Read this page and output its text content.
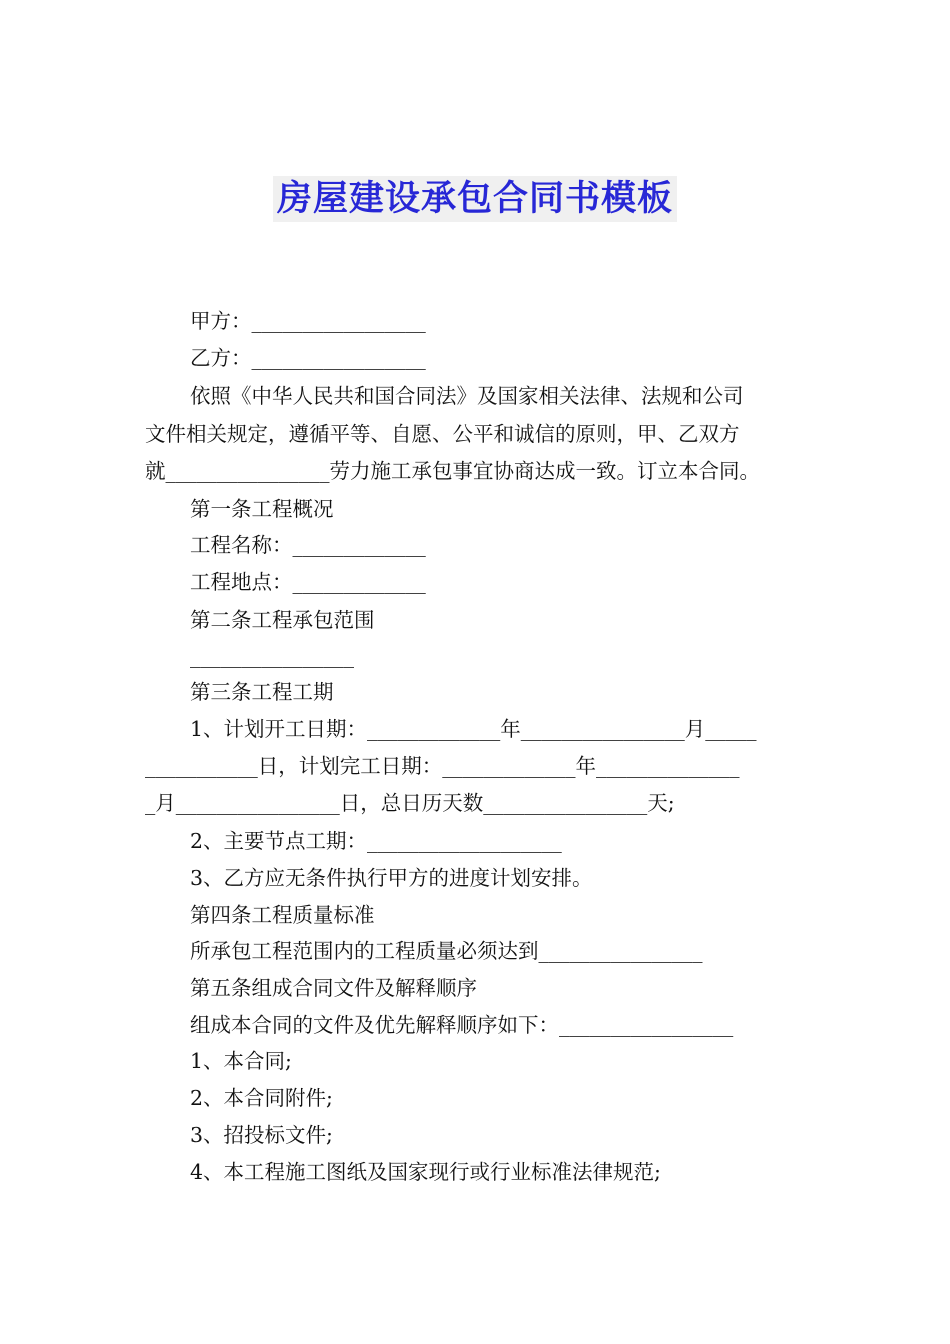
房屋建设承包合同书模板
甲方：_________________
乙方：_________________
依照《中华人民共和国合同法》及国家相关法律、法规和公司
文件相关规定，遵循平等、自愿、公平和诚信的原则，甲、乙双方
就________________劳力施工承包事宜协商达成一致。订立本合同。
第一条工程概况
工程名称：_____________
工程地点：_____________
第二条工程承包范围
________________
第三条工程工期
1、计划开工日期：_____________年________________月_____
___________日，计划完工日期：_____________年______________
_月________________日，总日历天数________________天;
2、主要节点工期：___________________
3、乙方应无条件执行甲方的进度计划安排。
第四条工程质量标准
所承包工程范围内的工程质量必须达到________________
第五条组成合同文件及解释顺序
组成本合同的文件及优先解释顺序如下：_________________
1、本合同;
2、本合同附件;
3、招投标文件;
4、本工程施工图纸及国家现行或行业标准法律规范;
